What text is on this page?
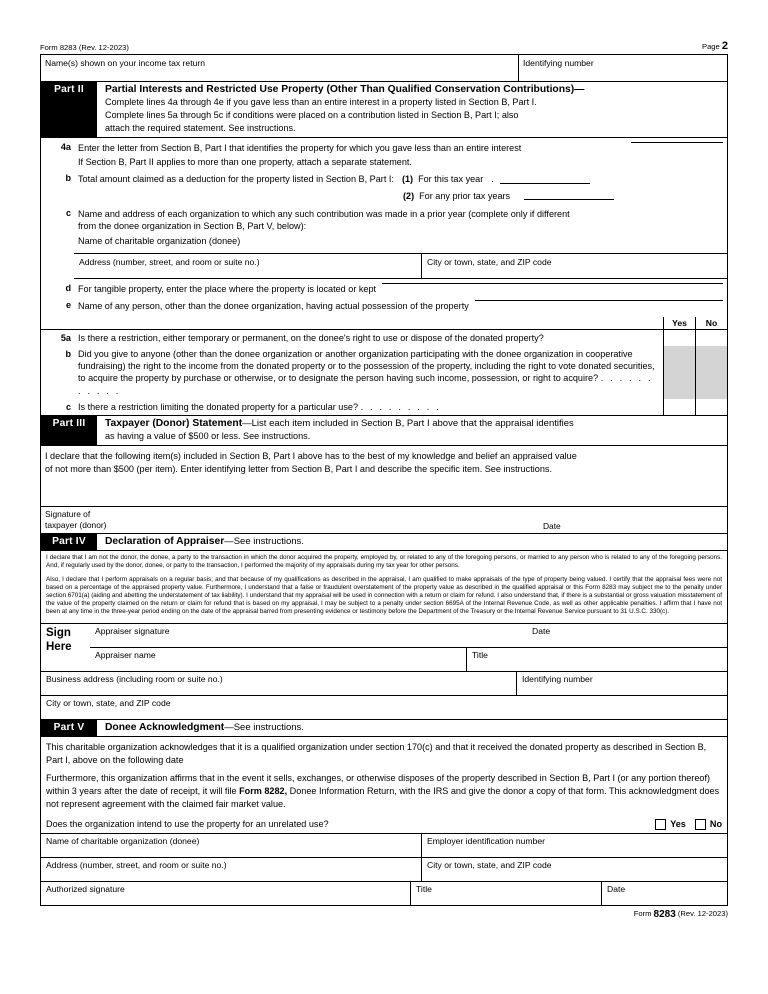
Form 8283 (Rev. 12-2023)	Page 2
Name(s) shown on your income tax return	Identifying number
Part II	Partial Interests and Restricted Use Property (Other Than Qualified Conservation Contributions)—
Complete lines 4a through 4e if you gave less than an entire interest in a property listed in Section B, Part I.
Complete lines 5a through 5c if conditions were placed on a contribution listed in Section B, Part I; also
attach the required statement. See instructions.
4a Enter the letter from Section B, Part I that identifies the property for which you gave less than an entire interest
If Section B, Part II applies to more than one property, attach a separate statement.
b Total amount claimed as a deduction for the property listed in Section B, Part I: (1) For this tax year .
(2) For any prior tax years
c Name and address of each organization to which any such contribution was made in a prior year (complete only if different
from the donee organization in Section B, Part V, below):
Name of charitable organization (donee)
Address (number, street, and room or suite no.)	City or town, state, and ZIP code
d For tangible property, enter the place where the property is located or kept
e Name of any person, other than the donee organization, having actual possession of the property
Yes	No
5a Is there a restriction, either temporary or permanent, on the donee's right to use or dispose of the donated property?
b Did you give to anyone (other than the donee organization or another organization participating with the donee organization in cooperative fundraising) the right to the income from the donated property or to the possession of the property, including the right to vote donated securities, to acquire the property by purchase or otherwise, or to designate the person having such income, possession, or right to acquire? . . . . . . . . . . .
c Is there a restriction limiting the donated property for a particular use? . . . . . . . . .
Part III	Taxpayer (Donor) Statement—List each item included in Section B, Part I above that the appraisal identifies
as having a value of $500 or less. See instructions.
I declare that the following item(s) included in Section B, Part I above has to the best of my knowledge and belief an appraised value
of not more than $500 (per item). Enter identifying letter from Section B, Part I and describe the specific item. See instructions.
Signature of
taxpayer (donor)	Date
Part IV	Declaration of Appraiser—See instructions.

I declare that I am not the donor, the donee, a party to the transaction in which the donor acquired the property, employed by, or related to any of the foregoing persons, or married to any person who is related to any of the foregoing persons. And, if regularly used by the donor, donee, or party to the transaction, I performed the majority of my appraisals during my tax year for other persons.

Also, I declare that I perform appraisals on a regular basis; and that because of my qualifications as described in the appraisal, I am qualified to make appraisals of the type of property being valued. I certify that the appraisal fees were not based on a percentage of the appraised property value. Furthermore, I understand that a false or fraudulent overstatement of the property value as described in the qualified appraisal or this Form 8283 may subject me to the penalty under section 6701(a) (aiding and abetting the understatement of tax liability). I understand that my appraisal will be used in connection with a return or claim for refund. I also understand that, if there is a substantial or gross valuation misstatement of the value of the property claimed on the return or claim for refund that is based on my appraisal, I may be subject to a penalty under section 6695A of the Internal Revenue Code, as well as other applicable penalties. I affirm that I have not been at any time in the three-year period ending on the date of the appraisal barred from presenting evidence or testimony before the Department of the Treasury or the Internal Revenue Service pursuant to 31 U.S.C. 330(c).

Sign
Here
Appraiser signature	Date
Appraiser name	Title
Business address (including room or suite no.)	Identifying number
City or town, state, and ZIP code
Part V	Donee Acknowledgment—See instructions.

This charitable organization acknowledges that it is a qualified organization under section 170(c) and that it received the donated property as described in Section B, Part I, above on the following date

Furthermore, this organization affirms that in the event it sells, exchanges, or otherwise disposes of the property described in Section B, Part I (or any portion thereof) within 3 years after the date of receipt, it will file Form 8282, Donee Information Return, with the IRS and give the donor a copy of that form. This acknowledgment does not represent agreement with the claimed fair market value.

Does the organization intend to use the property for an unrelated use?	Yes	No
Name of charitable organization (donee)	Employer identification number
Address (number, street, and room or suite no.)	City or town, state, and ZIP code
Authorized signature	Title	Date
Form
8283
(Rev. 12-2023)
